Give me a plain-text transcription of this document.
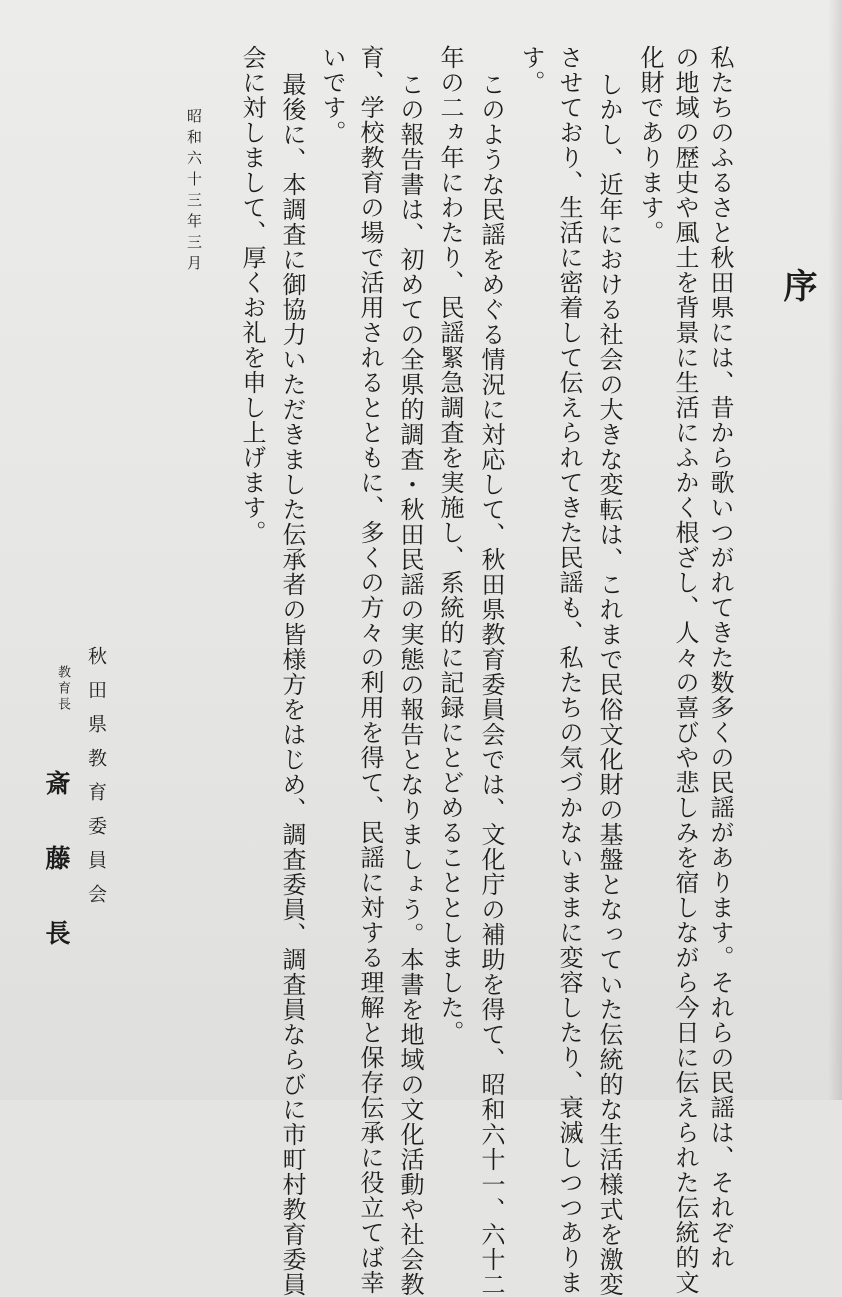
序
私たちのふるさと秋田県には、昔から歌いつがれてきた数多くの民謡があります。それらの民謡は、それぞれ
の地域の歴史や風土を背景に生活にふかく根ざし、人々の喜びや悲しみを宿しながら今日に伝えられた伝統的文
化財であります。
しかし、近年における社会の大きな変転は、これまで民俗文化財の基盤となっていた伝統的な生活様式を激変
させており、生活に密着して伝えられてきた民謡も、私たちの気づかないままに変容したり、衰滅しつつありま
す。
このような民謡をめぐる情況に対応して、秋田県教育委員会では、文化庁の補助を得て、昭和六十一、六十二
年の二ヵ年にわたり、民謡緊急調査を実施し、系統的に記録にとどめることとしました。
この報告書は、初めての全県的調査・秋田民謡の実態の報告となりましょう。本書を地域の文化活動や社会教
育、学校教育の場で活用されるとともに、多くの方々の利用を得て、民謡に対する理解と保存伝承に役立てば幸
いです。
最後に、本調査に御協力いただきました伝承者の皆様方をはじめ、調査委員、調査員ならびに市町村教育委員
会に対しまして、厚くお礼を申し上げます。
昭和六十三年三月
秋田県教育委員会
教育長
斎藤長
